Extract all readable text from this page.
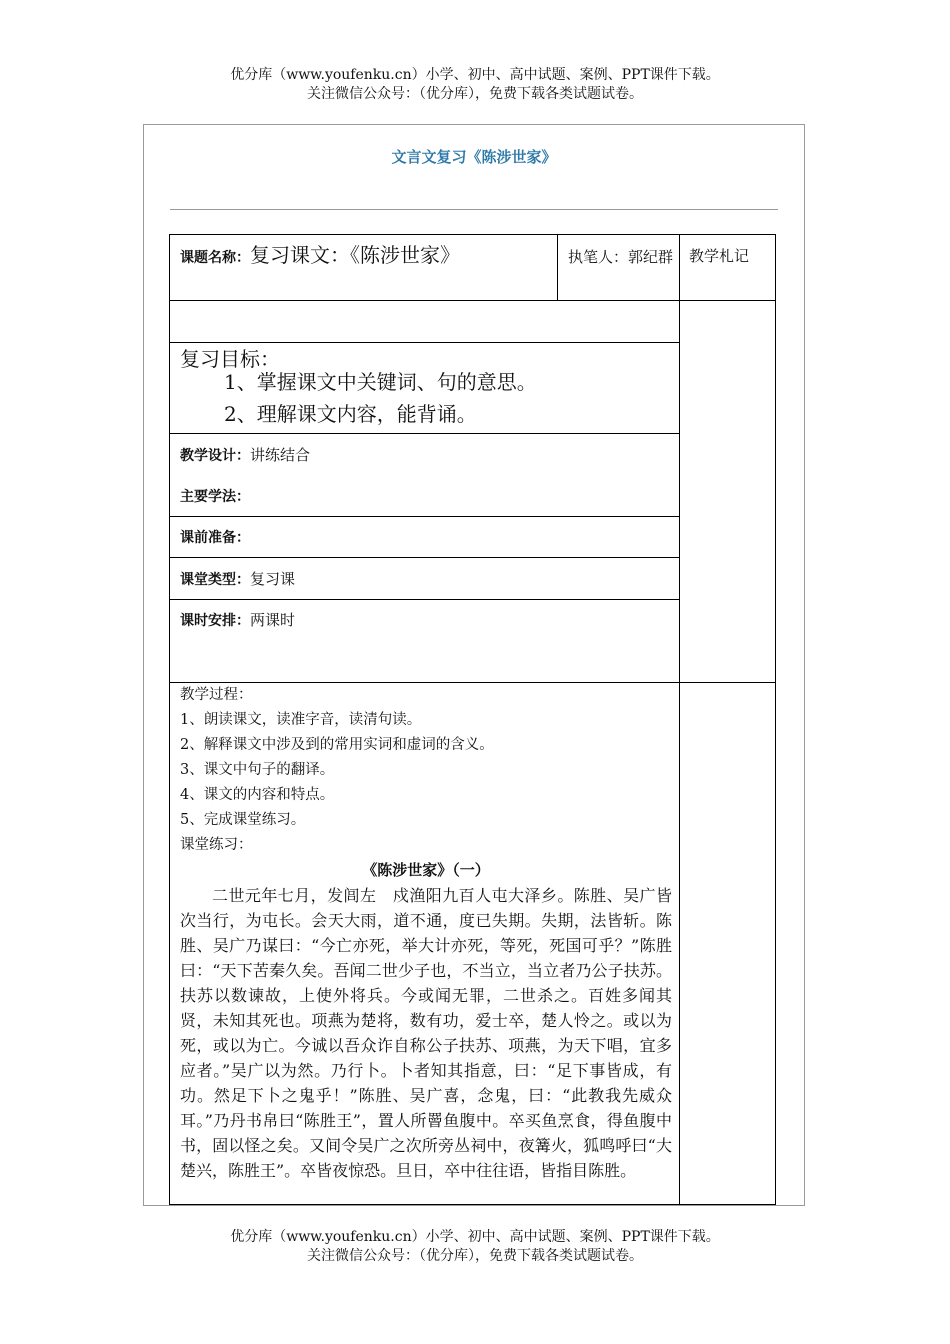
优分库（www.youfenku.cn）小学、初中、高中试题、案例、PPT课件下载。
关注微信公众号：（优分库），免费下载各类试题试卷。
文言文复习《陈涉世家》
课题名称：复习课文：《陈涉世家》	执笔人：郭纪群 教学札记
复习目标：
1、掌握课文中关键词、句的意思。
2、理解课文内容，能背诵。
教学设计：讲练结合
主要学法：
课前准备：
课堂类型：复习课
课时安排：两课时
教学过程：
1、朗读课文，读准字音，读清句读。
2、解释课文中涉及到的常用实词和虚词的含义。
3、课文中句子的翻译。
4、课文的内容和特点。
5、完成课堂练习。
课堂练习：
《陈涉世家》（一）
二世元年七月，发闾左　戍渔阳九百人屯大泽乡。陈胜、吴广皆次当行，为屯长。会天大雨，道不通，度已失期。失期，法皆斩。陈胜、吴广乃谋曰：“今亡亦死，举大计亦死，等死，死国可乎？”陈胜曰：“天下苦秦久矣。吾闻二世少子也，不当立，当立者乃公子扶苏。扶苏以数谏故，上使外将兵。今或闻无罪，二世杀之。百姓多闻其贤，未知其死也。项燕为楚将，数有功，爱士卒，楚人怜之。或以为死，或以为亡。今诚以吾众诈自称公子扶苏、项燕，为天下唱，宜多应者。”吴广以为然。乃行卜。卜者知其指意，曰：“足下事皆成，有功。然足下卜之鬼乎！”陈胜、吴广喜，念鬼，曰：“此教我先威众耳。”乃丹书帛曰“陈胜王”，置人所罾鱼腹中。卒买鱼烹食，得鱼腹中书，固以怪之矣。又间令吴广之次所旁丛祠中，夜篝火，狐鸣呼曰“大楚兴，陈胜王”。卒皆夜惊恐。旦日，卒中往往语，皆指目陈胜。
优分库（www.youfenku.cn）小学、初中、高中试题、案例、PPT课件下载。
关注微信公众号：（优分库），免费下载各类试题试卷。
